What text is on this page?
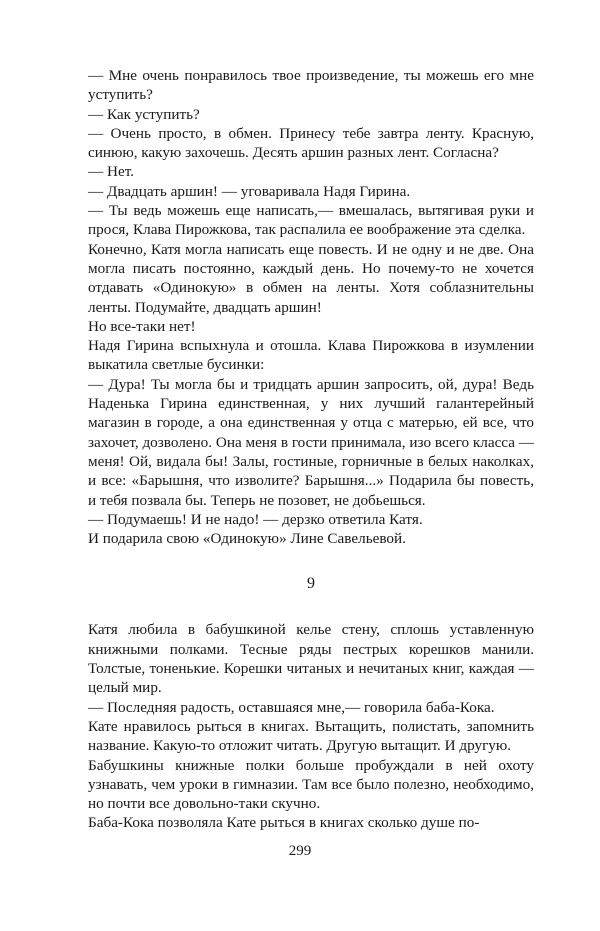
— Мне очень понравилось твое произведение, ты можешь его мне уступить?

— Как уступить?

— Очень просто, в обмен. Принесу тебе завтра ленту. Красную, синюю, какую захочешь. Десять аршин разных лент. Согласна?

— Нет.

— Двадцать аршин! — уговаривала Надя Гирина.

— Ты ведь можешь еще написать,— вмешалась, вытягивая руки и прося, Клава Пирожкова, так распалила ее воображение эта сделка.

Конечно, Катя могла написать еще повесть. И не одну и не две. Она могла писать постоянно, каждый день. Но почему-то не хочется отдавать «Одинокую» в обмен на ленты. Хотя соблазнительны ленты. Подумайте, двадцать аршин!

Но все-таки нет!

Надя Гирина вспыхнула и отошла. Клава Пирожкова в изумлении выкатила светлые бусинки:

— Дура! Ты могла бы и тридцать аршин запросить, ой, дура! Ведь Наденька Гирина единственная, у них лучший галантерейный магазин в городе, а она единственная у отца с матерью, ей все, что захочет, дозволено. Она меня в гости принимала, изо всего класса — меня! Ой, видала бы! Залы, гостиные, горничные в белых наколках, и все: «Барышня, что изволите? Барышня...» Подарила бы повесть, и тебя позвала бы. Теперь не позовет, не добьешься.

— Подумаешь! И не надо! — дерзко ответила Катя.

И подарила свою «Одинокую» Лине Савельевой.

9

Катя любила в бабушкиной келье стену, сплошь уставленную книжными полками. Тесные ряды пестрых корешков манили. Толстые, тоненькие. Корешки читаных и нечитаных книг, каждая — целый мир.

— Последняя радость, оставшаяся мне,— говорила баба-Кока.

Кате нравилось рыться в книгах. Вытащить, полистать, запомнить название. Какую-то отложит читать. Другую вытащит. И другую.

Бабушкины книжные полки больше пробуждали в ней охоту узнавать, чем уроки в гимназии. Там все было полезно, необходимо, но почти все довольно-таки скучно.

Баба-Кока позволяла Кате рыться в книгах сколько душе по-

299
